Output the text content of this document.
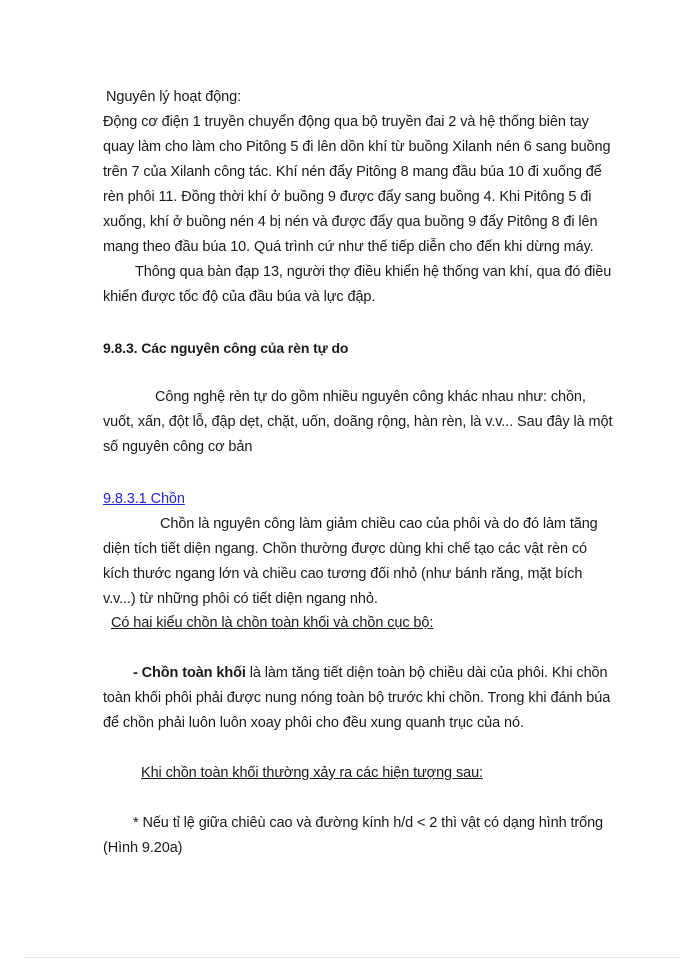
Nguyên lý hoạt động:
Động cơ điện 1 truyền chuyển động qua bộ truyền đai 2 và hệ thống biên tay
quay làm cho làm cho Pitông 5 đi lên dồn khí từ buồng Xilanh nén 6 sang buồng
trên 7 của Xilanh công tác. Khí nén đẩy Pitông 8 mang đầu búa 10 đi xuống để
rèn phôi 11. Đồng thời khí ở buồng 9 được đẩy sang buồng 4. Khi Pitông 5 đi
xuống, khí ở buồng nén 4 bị nén và được đẩy qua buồng 9 đẩy Pitông 8 đi lên
mang theo đầu búa 10. Quá trình cứ như thế tiếp diễn cho đến khi dừng máy.
Thông qua bàn đạp 13, người thợ điều khiển hệ thống van khí, qua đó điều
khiển được tốc độ của đầu búa và lực đập.
9.8.3. Các nguyên công của rèn tự do
Công nghệ rèn tự do gồm nhiều nguyên công khác nhau như: chồn,
vuốt, xấn, đột lỗ, đập dẹt, chặt, uốn, doãng rộng, hàn rèn, là v.v... Sau đây là một
số nguyên công cơ bản
9.8.3.1 Chồn
Chồn là nguyên công làm giảm chiều cao của phôi và do đó làm tăng
diện tích tiết diện ngang. Chồn thường được dùng khi chế tạo các vật rèn có
kích thước ngang lớn và chiều cao tương đối nhỏ (như bánh răng, mặt bích
v.v...) từ những phôi có tiết diện ngang nhỏ.
Có hai kiểu chồn là chồn toàn khối và chồn cục bộ:
- Chồn toàn khối là làm tăng tiết diện toàn bộ chiều dài của phôi. Khi chồn
toàn khối phôi phải được nung nóng toàn bộ trước khi chồn. Trong khi đánh búa
để chồn phải luôn luôn xoay phôi cho đều xung quanh trục của nó.
Khi chồn toàn khối thường xảy ra các hiện tượng sau:
* Nếu tỉ lệ giữa chiêù cao và đường kính h/d < 2 thì vật có dạng hình trống
(Hình 9.20a)
